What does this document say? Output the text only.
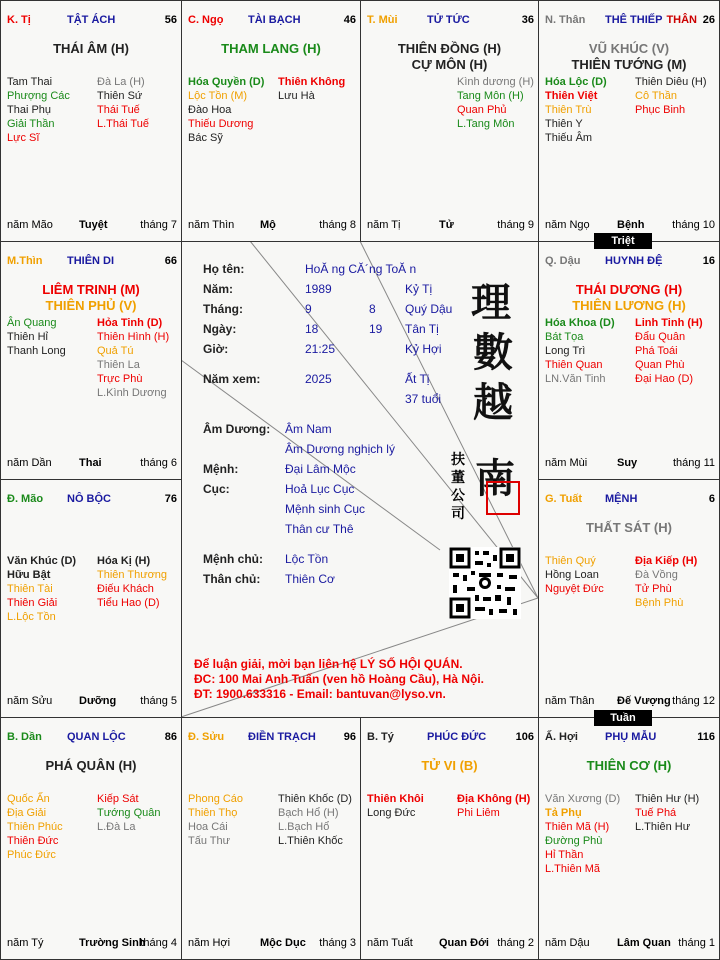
K. Tị	TẬT ÁCH	56
THÁI ÂM (H)
Tam Thai
Phượng Các
Thai Phụ
Giải Thần
Lực Sĩ
Đà La (H)
Thiên Sứ
Thái Tuế
L.Thái Tuế
năm Mão Tuyệt	tháng 7
C. Ngọ TÀI BẠCH	46
THAM LANG (H)
Hóa Quyền (D)
Lộc Tồn (M)
Đào Hoa
Thiếu Dương
Bác Sỹ
Thiên Không
Lưu Hà
năm Thìn Mộ	tháng 8
T. Mùi	TỬ TỨC	36
THIÊN ĐỒNG (H)
CỰ MÔN (H)
Kình dương (H)
Tang Môn (H)
Quan Phủ
L.Tang Môn
năm Tị	Tử	tháng 9
N. Thân THÊ THIẾP	26
THÂN
VŨ KHÚC (V)
THIÊN TƯỚNG (M)
Hóa Lộc (D)
Thiên Việt
Thiên Trù
Thiên Y
Thiếu Âm
Thiên Diêu (H)
Cô Thần
Phục Binh
năm Ngọ Bệnh	tháng 10
M.Thìn THIÊN DI	66
LIÊM TRINH (M)
THIÊN PHỦ (V)
Ân Quang
Thiên Hỉ
Thanh Long
Hỏa Tinh (D)
Thiên Hình (H)
Quả Tú
Thiên La
Trực Phù
L.Kình Dương
năm Dần Thai	tháng 6
Q. Dậu HUYNH ĐỆ	16
THÁI DƯƠNG (H)
THIÊN LƯƠNG (H)
Hóa Khoa (D)
Bát Tọa
Long Trì
Thiên Quan
LN.Văn Tinh
Linh Tinh (H)
Đẩu Quân
Phá Toái
Quan Phù
Đại Hao (D)
năm Mùi	Suy	tháng 11
Đ. Mão NÔ BỘC	76
Văn Khúc (D)
Hữu Bật
Thiên Tài
Thiên Giải
L.Lộc Tồn
Hóa Kị (H)
Thiên Thương
Điếu Khách
Tiểu Hao (D)
năm Sửu Dưỡng tháng 5
G. Tuất MỆNH	6
THẤT SÁT (H)
Thiên Quý
Hồng Loan
Nguyệt Đức
Địa Kiếp (H)
Đà Vồng
Tử Phù
Bệnh Phù
năm Thân Đế Vượng tháng 12
B. Dần QUAN LỘC	86
PHÁ QUÂN (H)
Quốc Ấn
Địa Giải
Thiên Phúc
Thiên Đức
Phúc Đức
Kiếp Sát
Tướng Quân
L.Đà La
năm Tý	Trường Sinh
tháng 4
Đ. Sửu ĐIỀN TRẠCH	96
Phong Cáo
Thiên Thọ
Hoa Cái
Tấu Thư
Thiên Khốc (D)
Bạch Hổ (H)
L.Bạch Hổ
L.Thiên Khốc
năm Hợi	Mộc Dục tháng 3
B. Tý	PHÚC ĐỨC	106
TỬ VI (B)
Thiên Khôi
Long Đức
Địa Không (H)
Phi Liêm
năm Tuất Quan Đới tháng 2
Ấ. Hợi PHỤ MẪU	116
THIÊN CƠ (H)
Văn Xương (D)
Tả Phụ
Thiên Mã (H)
Đường Phù
Hỉ Thần
L.Thiên Mã
Thiên Hư (H)
Tuế Phá
L.Thiên Hư
năm Dậu Lâm Quan tháng 1
Triệt
Tuần
Họ tên:	HoĂ ng CĂ´ng ToĂ n
Năm:	1989	Kỷ Tị
Tháng:	9	8 Quý Dậu
Ngày:	18	19 Tân Tị
Giờ:	21:25	Kỷ Hợi
Năm xem:	2025	Ất Tị
37 tuổi
Âm Dương: Âm Nam
Âm Dương nghịch lý
Mệnh:	Đại Lâm Mộc
Cục:	Hoả Lục Cục
Mệnh sinh Cục
Thân cư Thê
Mệnh chủ: Lộc Tồn
Thân chủ: Thiên Cơ
理
數
越
南
扶
董
公
司
Để luận giải, mời bạn liên hệ LÝ SỐ HỘI QUÁN.
ĐC: 100 Mai Anh Tuấn (ven hồ Hoàng Cầu), Hà Nội.
ĐT: 1900.633316 - Email: bantuvan@lyso.vn.
